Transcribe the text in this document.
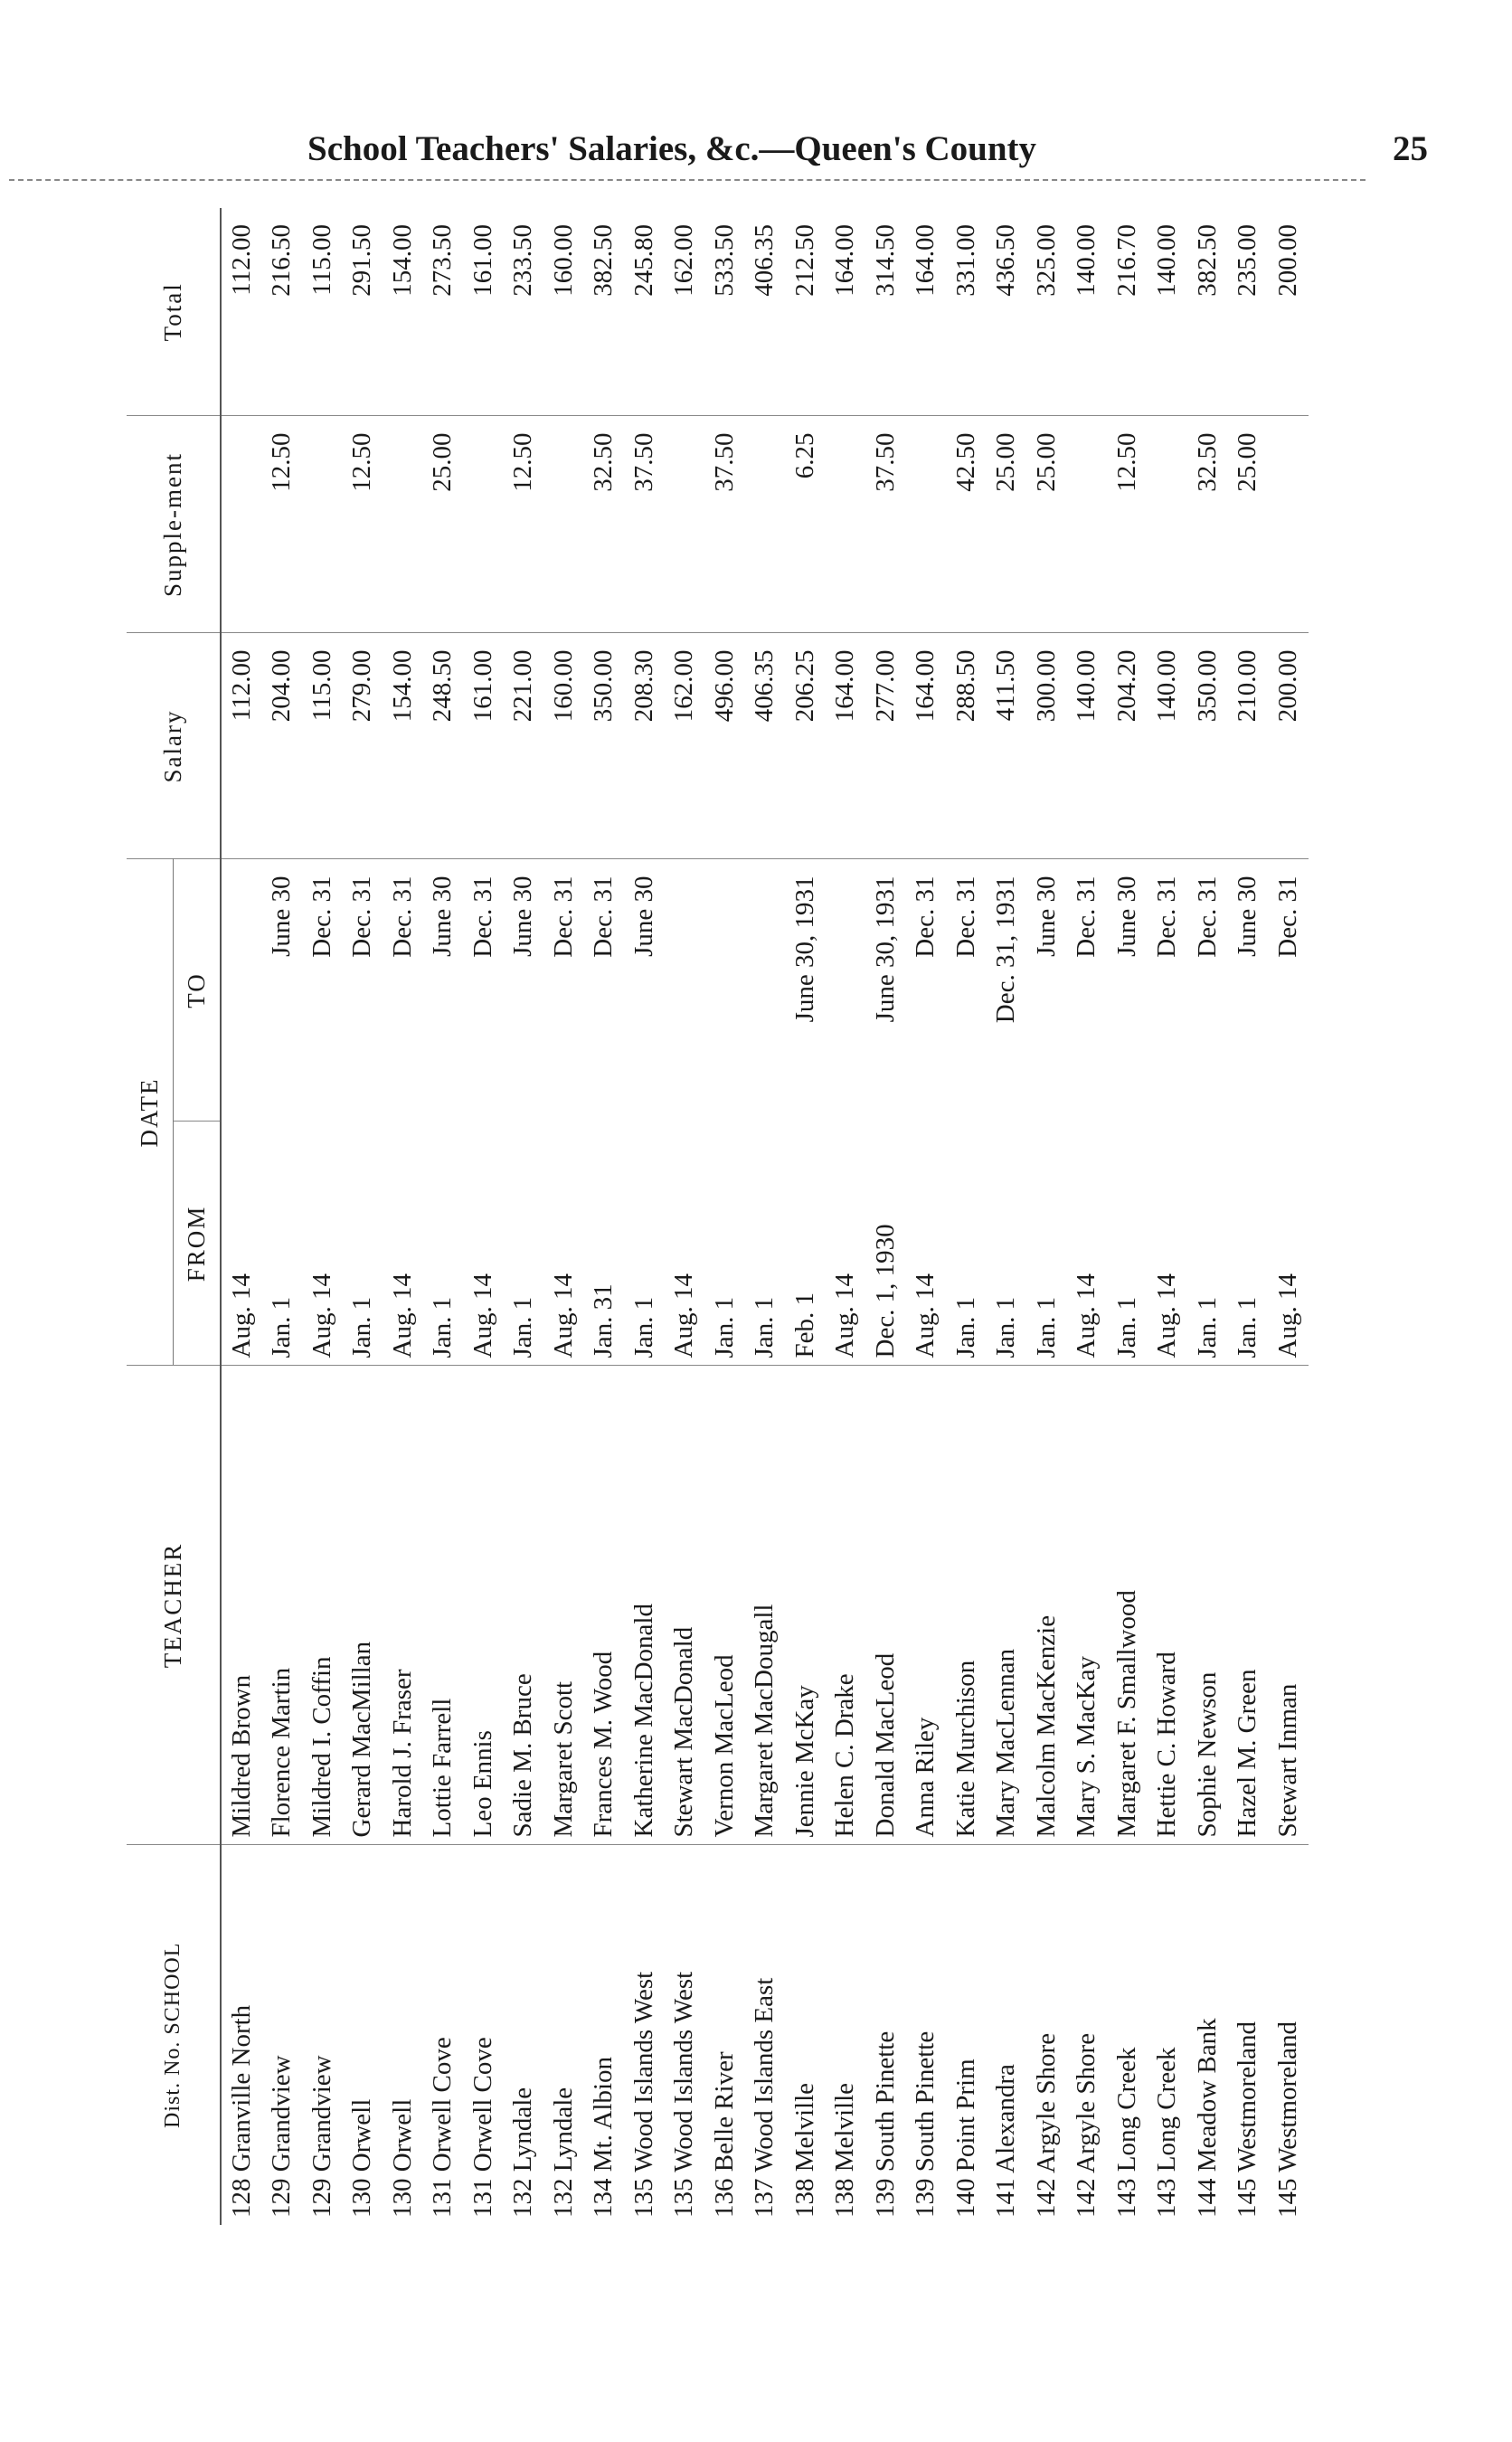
School Teachers' Salaries, &c.—Queen's County	25
Dist. No. SCHOOL	TEACHER	DATE		Salary	Supple-ment	Total
		FROM	TO			
128 Granville North	Mildred Brown	Aug. 14		112.00		112.00
129 Grandview	Florence Martin	Jan. 1	June 30	204.00	12.50	216.50
129 Grandview	Mildred I. Coffin	Aug. 14	Dec. 31	115.00		115.00
130 Orwell	Gerard MacMillan	Jan. 1	Dec. 31	279.00	12.50	291.50
130 Orwell	Harold J. Fraser	Aug. 14	Dec. 31	154.00		154.00
131 Orwell Cove	Lottie Farrell	Jan. 1	June 30	248.50	25.00	273.50
131 Orwell Cove	Leo Ennis	Aug. 14	Dec. 31	161.00		161.00
132 Lyndale	Sadie M. Bruce	Jan. 1	June 30	221.00	12.50	233.50
132 Lyndale	Margaret Scott	Aug. 14	Dec. 31	160.00		160.00
134 Mt. Albion	Frances M. Wood	Jan. 31	Dec. 31	350.00	32.50	382.50
135 Wood Islands West	Katherine MacDonald	Jan. 1	June 30	208.30	37.50	245.80
135 Wood Islands West	Stewart MacDonald	Aug. 14		162.00		162.00
136 Belle River	Vernon MacLeod	Jan. 1		496.00	37.50	533.50
137 Wood Islands East	Margaret MacDougall	Jan. 1		406.35		406.35
138 Melville	Jennie McKay	Feb. 1	June 30, 1931	206.25	6.25	212.50
138 Melville	Helen C. Drake	Aug. 14		164.00		164.00
139 South Pinette	Donald MacLeod	Dec. 1, 1930	June 30, 1931	277.00	37.50	314.50
139 South Pinette	Anna Riley	Aug. 14	Dec. 31	164.00		164.00
140 Point Prim	Katie Murchison	Jan. 1	Dec. 31	288.50	42.50	331.00
141 Alexandra	Mary MacLennan	Jan. 1	Dec. 31, 1931	411.50	25.00	436.50
142 Argyle Shore	Malcolm MacKenzie	Jan. 1	June 30	300.00	25.00	325.00
142 Argyle Shore	Mary S. MacKay	Aug. 14	Dec. 31	140.00		140.00
143 Long Creek	Margaret F. Smallwood	Jan. 1	June 30	204.20	12.50	216.70
143 Long Creek	Hettie C. Howard	Aug. 14	Dec. 31	140.00		140.00
144 Meadow Bank	Sophie Newson	Jan. 1	Dec. 31	350.00	32.50	382.50
145 Westmoreland	Hazel M. Green	Jan. 1	June 30	210.00	25.00	235.00
145 Westmoreland	Stewart Inman	Aug. 14	Dec. 31	200.00		200.00
